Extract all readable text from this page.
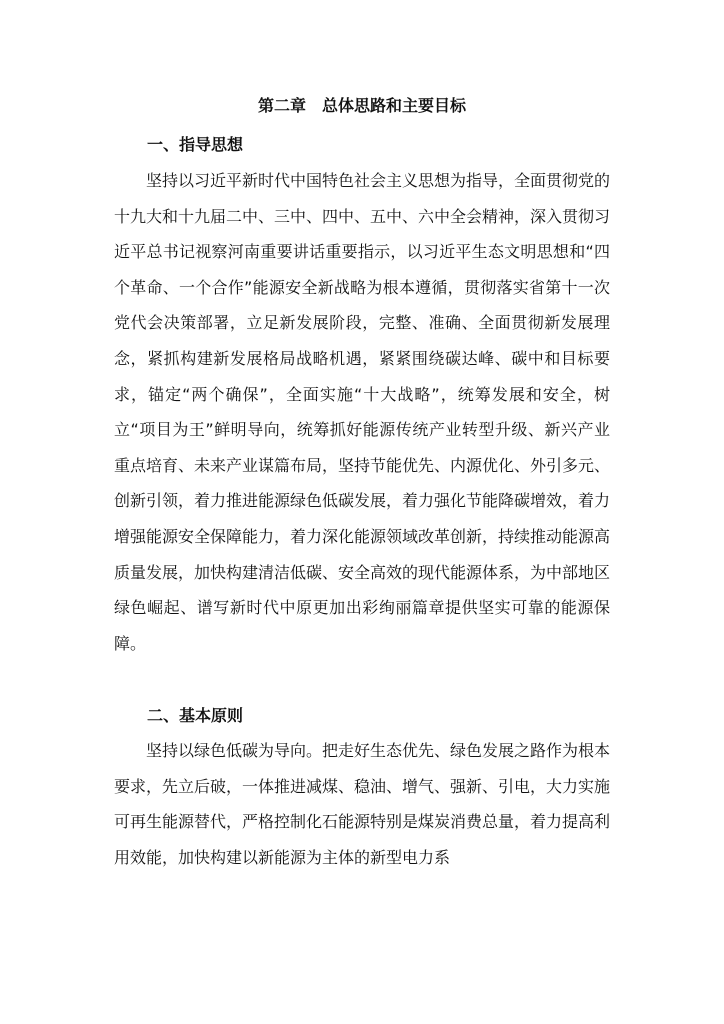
第二章　总体思路和主要目标
一、指导思想

坚持以习近平新时代中国特色社会主义思想为指导，全面贯彻党的十九大和十九届二中、三中、四中、五中、六中全会精神，深入贯彻习近平总书记视察河南重要讲话重要指示，以习近平生态文明思想和“四个革命、一个合作”能源安全新战略为根本遵循，贯彻落实省第十一次党代会决策部署，立足新发展阶段，完整、准确、全面贯彻新发展理念，紧抓构建新发展格局战略机遇，紧紧围绕碳达峰、碳中和目标要求，锚定“两个确保”，全面实施“十大战略”，统筹发展和安全，树立“项目为王”鲜明导向，统筹抓好能源传统产业转型升级、新兴产业重点培育、未来产业谋篇布局，坚持节能优先、内源优化、外引多元、创新引领，着力推进能源绿色低碳发展，着力强化节能降碳增效，着力增强能源安全保障能力，着力深化能源领域改革创新，持续推动能源高质量发展，加快构建清洁低碳、安全高效的现代能源体系，为中部地区绿色崛起、谱写新时代中原更加出彩绚丽篇章提供坚实可靠的能源保障。

二、基本原则

坚持以绿色低碳为导向。把走好生态优先、绿色发展之路作为根本要求，先立后破，一体推进减煤、稳油、增气、强新、引电，大力实施可再生能源替代，严格控制化石能源特别是煤炭消费总量，着力提高利用效能，加快构建以新能源为主体的新型电力系
